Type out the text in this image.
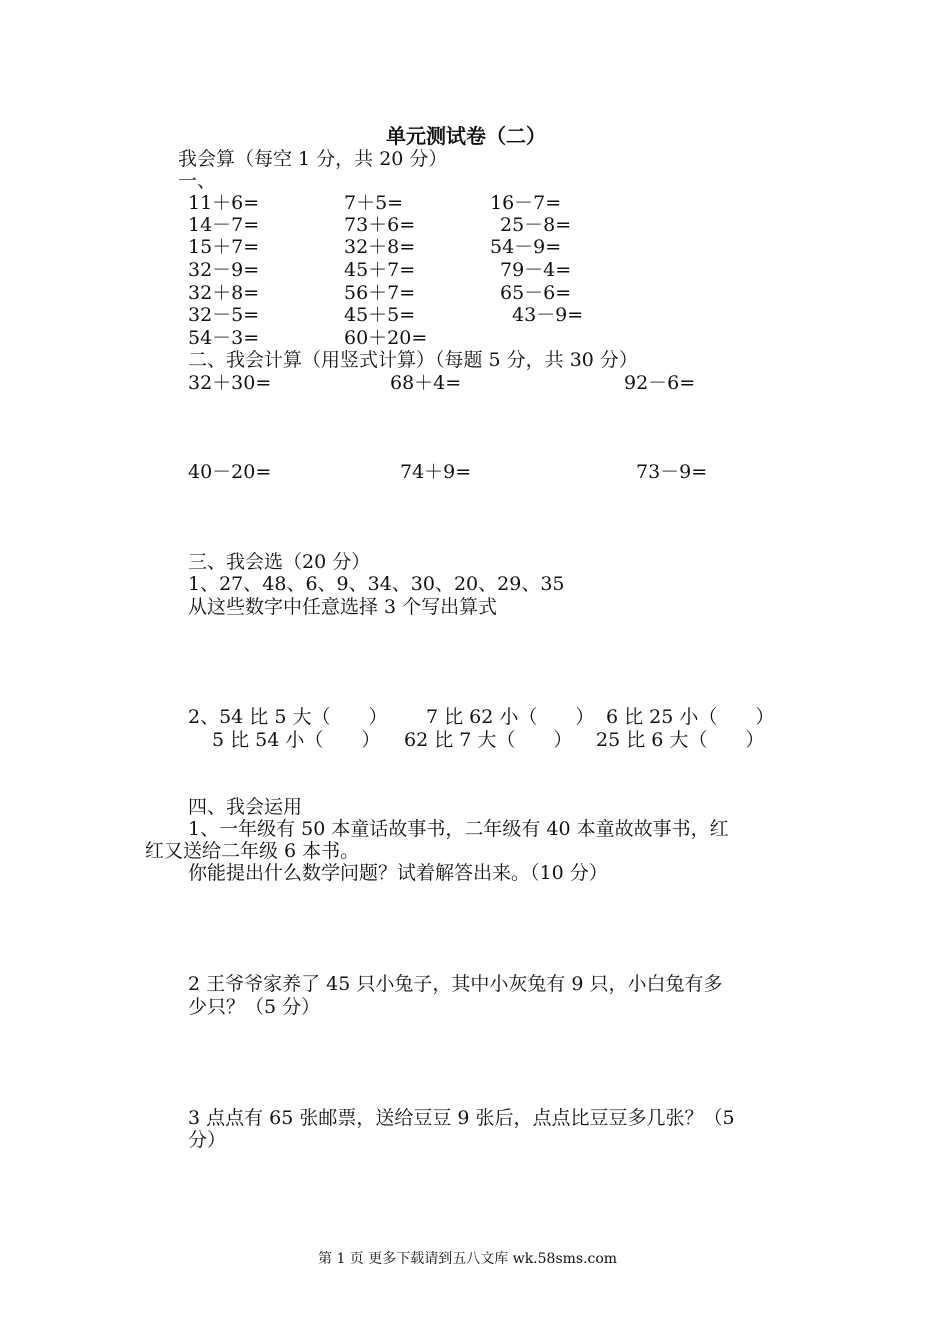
单元测试卷（二）
我会算（每空 1 分，共 20 分）
一、
11＋6=	7＋5=	16－7=
14－7=	73＋6=	25－8=
15＋7=	32＋8=	54－9=
32－9=	45＋7=	79－4=
32＋8=	56＋7=	65－6=
32－5=	45＋5=	43－9=
54－3=	60＋20=
二、我会计算（用竖式计算）（每题 5 分，共 30 分）
32＋30=	68＋4=	92－6=
40－20=	74＋9=	73－9=
三、我会选（20 分）
1、27、48、6、9、34、30、20、29、35
从这些数字中任意选择 3 个写出算式
2、54 比 5 大（　　） 7 比 62 小（　　） 6 比 25 小（　　）
5 比 54 小（　　） 62 比 7 大（　　） 25 比 6 大（　　）
四、我会运用
1、一年级有 50 本童话故事书，二年级有 40 本童故故事书，红
红又送给二年级 6 本书。
你能提出什么数学问题？试着解答出来。（10 分）
2 王爷爷家养了 45 只小兔子，其中小灰兔有 9 只，小白兔有多
少只？（5 分）
3 点点有 65 张邮票，送给豆豆 9 张后，点点比豆豆多几张？（5
分）
第 1 页 更多下载请到五八文库 wk.58sms.com
